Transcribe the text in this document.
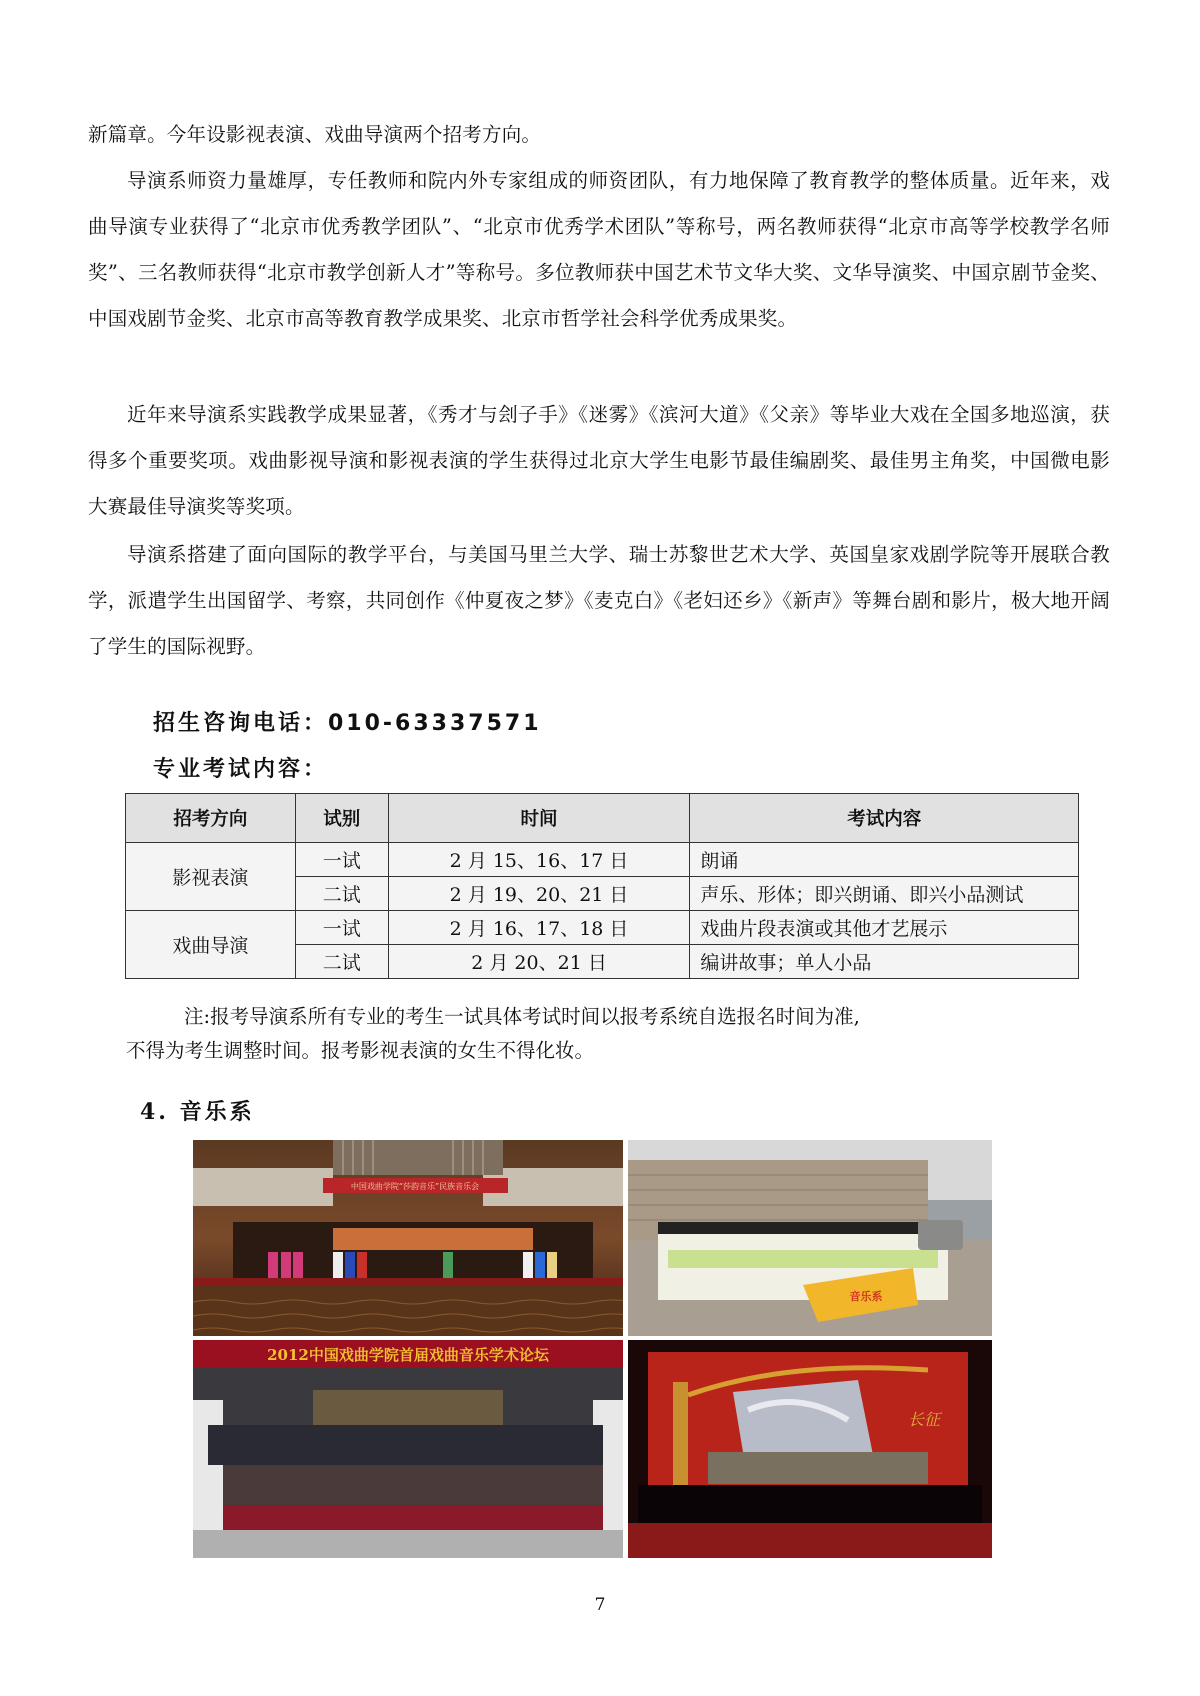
新篇章。今年设影视表演、戏曲导演两个招考方向。

导演系师资力量雄厚，专任教师和院内外专家组成的师资团队，有力地保障了教育教学的整体质量。近年来，戏曲导演专业获得了“北京市优秀教学团队”、“北京市优秀学术团队”等称号，两名教师获得“北京市高等学校教学名师奖”、三名教师获得“北京市教学创新人才”等称号。多位教师获中国艺术节文华大奖、文华导演奖、中国京剧节金奖、中国戏剧节金奖、北京市高等教育教学成果奖、北京市哲学社会科学优秀成果奖。

近年来导演系实践教学成果显著，《秀才与刽子手》《迷雾》《滨河大道》《父亲》等毕业大戏在全国多地巡演，获得多个重要奖项。戏曲影视导演和影视表演的学生获得过北京大学生电影节最佳编剧奖、最佳男主角奖，中国微电影大赛最佳导演奖等奖项。

导演系搭建了面向国际的教学平台，与美国马里兰大学、瑞士苏黎世艺术大学、英国皇家戏剧学院等开展联合教学，派遣学生出国留学、考察，共同创作《仲夏夜之梦》《麦克白》《老妇还乡》《新声》等舞台剧和影片，极大地开阔了学生的国际视野。

招生咨询电话：010-63337571
专业考试内容：
招考方向	试别	时间	考试内容
影视表演	一试	2 月 15、16、17 日	朗诵
	二试	2 月 19、20、21 日	声乐、形体；即兴朗诵、即兴小品测试
戏曲导演	一试	2 月 16、17、18 日	戏曲片段表演或其他才艺展示
	二试	2 月 20、21 日	编讲故事；单人小品
注:报考导演系所有专业的考生一试具体考试时间以报考系统自选报名时间为准,
不得为考生调整时间。报考影视表演的女生不得化妆。
4. 音乐系
中国戏曲学院“莎韵音乐”民族音乐会
音乐系
2012中国戏曲学院首届戏曲音乐学术论坛
长征
7
